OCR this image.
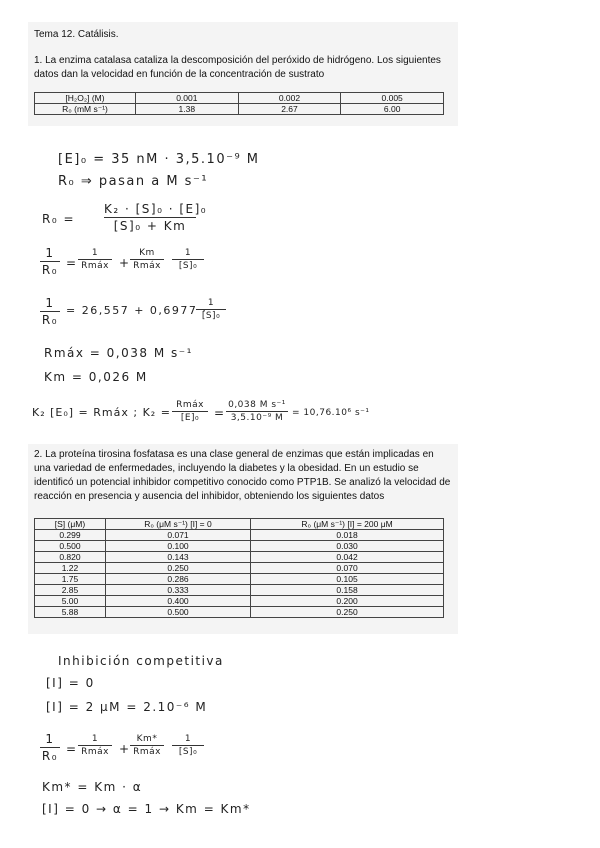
Tema 12. Catálisis.
1. La enzima catalasa cataliza la descomposición del peróxido de hidrógeno. Los siguientes datos dan la velocidad en función de la concentración de sustrato
[H₂O₂] (M)	0.001	0.002	0.005
R₀ (mM s⁻¹)	1.38	2.67	6.00
[E]₀ = 35 nM · 3,5.10⁻⁹ M
R₀ ⇒ pasan a M s⁻¹
R₀ =
K₂ · [S]₀ · [E]₀
[S]₀ + Km
1
R₀ =
1
Rmáx +
Km
Rmáx
1
[S]₀
1
R₀
= 26,557 + 0,6977 ·
1
[S]₀
Rmáx = 0,038 M s⁻¹
Km = 0,026 M
K₂ [E₀] = Rmáx ; K₂ =
Rmáx
[E]₀	=
0,038 M s⁻¹
3,5.10⁻⁹ M = 10,76.10⁶ s⁻¹
2. La proteína tirosina fosfatasa es una clase general de enzimas que están implicadas en una variedad de enfermedades, incluyendo la diabetes y la obesidad. En un estudio se identificó un potencial inhibidor competitivo conocido como PTP1B. Se analizó la velocidad de reacción en presencia y ausencia del inhibidor, obteniendo los siguientes datos
[S] (μM)	R₀ (μM s⁻¹) [I] = 0	R₀ (μM s⁻¹) [I] = 200 μM
0.299	0.071	0.018
0.500	0.100	0.030
0.820	0.143	0.042
1.22	0.250	0.070
1.75	0.286	0.105
2.85	0.333	0.158
5.00	0.400	0.200
5.88	0.500	0.250
Inhibición competitiva
[I] = 0
[I] = 2 μM = 2.10⁻⁶ M
1
R₀ =
1
Rmáx +
Km*
Rmáx
1
[S]₀
Km* = Km · α
[I] = 0 → α = 1 → Km = Km*
